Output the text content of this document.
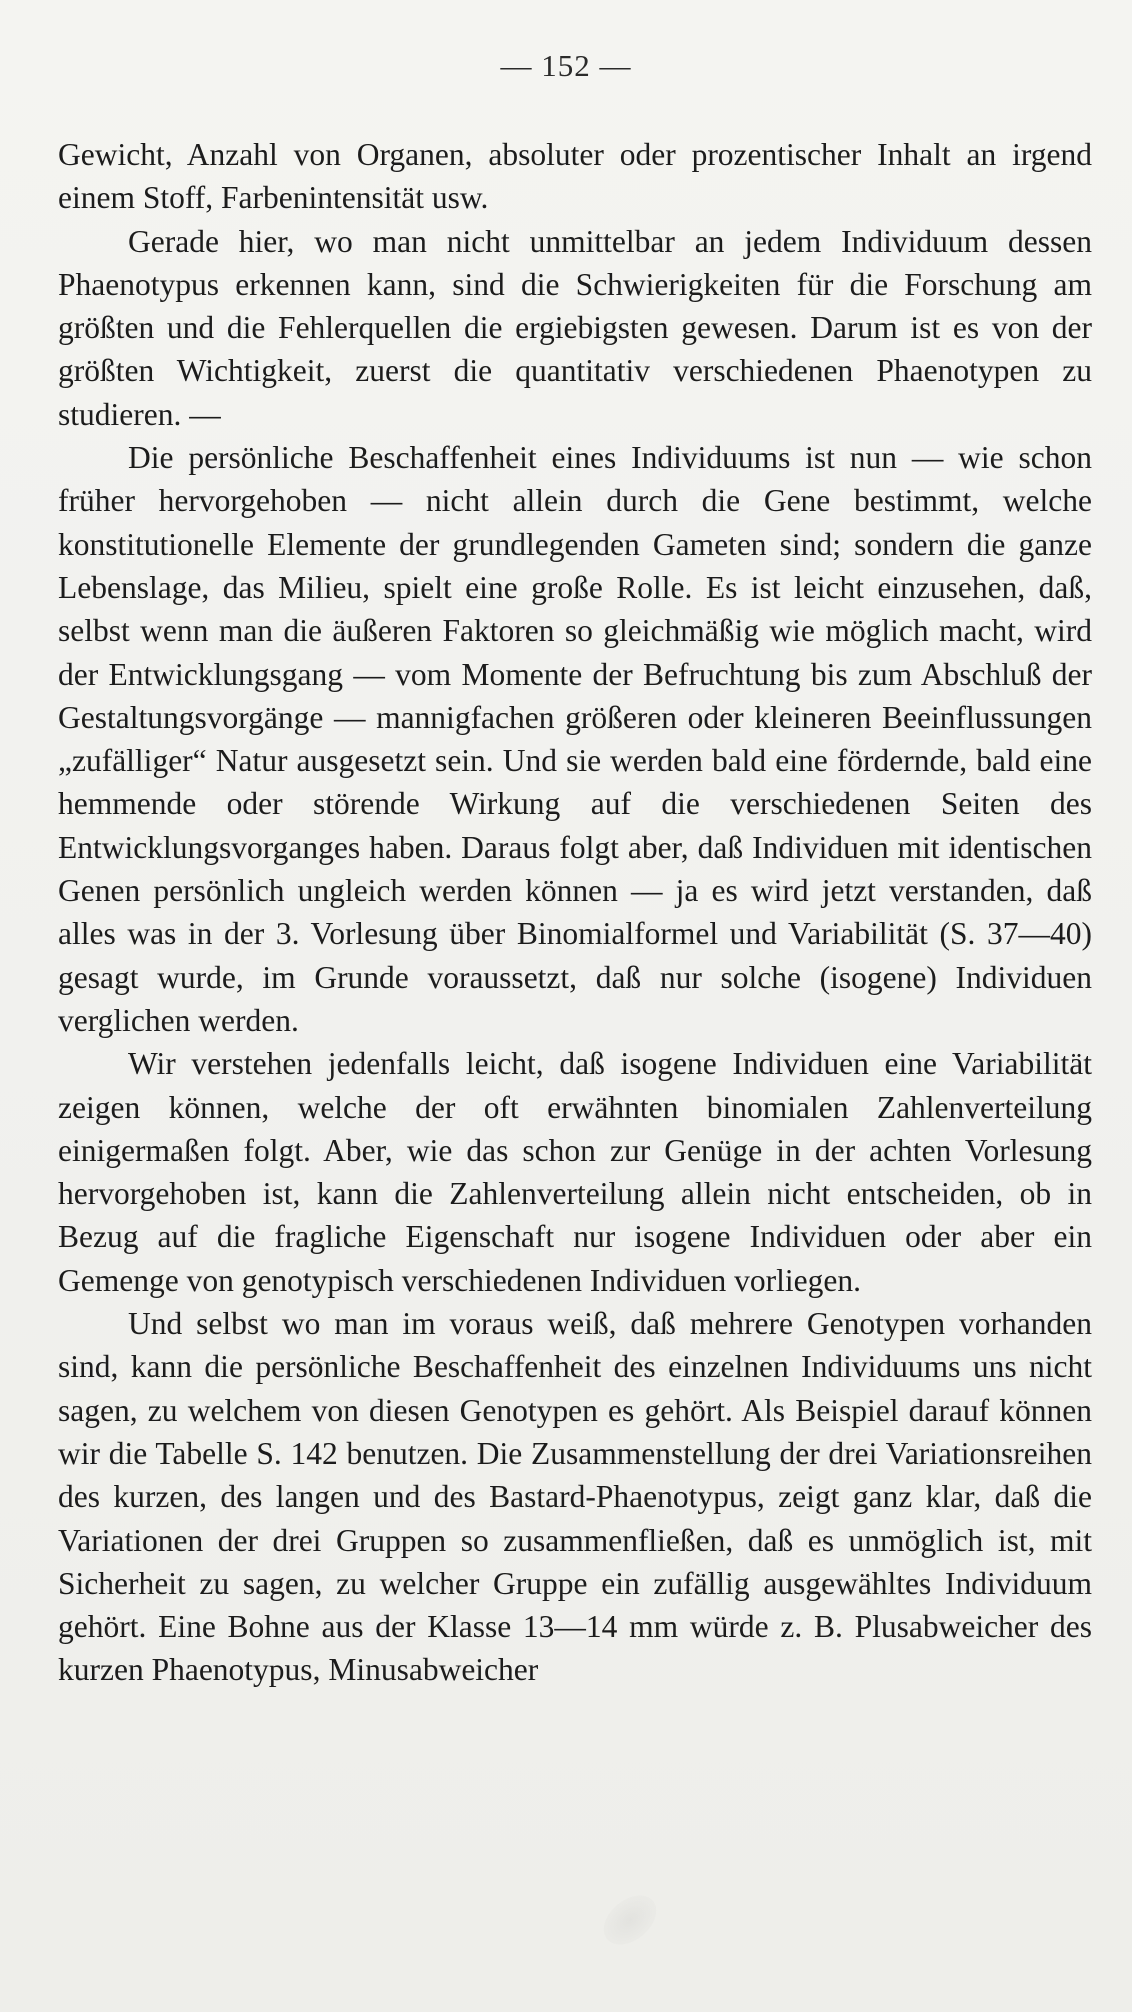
— 152 —

Gewicht, Anzahl von Organen, absoluter oder prozentischer Inhalt an irgend einem Stoff, Farbenintensität usw.

Gerade hier, wo man nicht unmittelbar an jedem Individuum dessen Phaenotypus erkennen kann, sind die Schwierigkeiten für die Forschung am größten und die Fehlerquellen die ergiebigsten gewesen. Darum ist es von der größten Wichtigkeit, zuerst die quantitativ verschiedenen Phaenotypen zu studieren. —

Die persönliche Beschaffenheit eines Individuums ist nun — wie schon früher hervorgehoben — nicht allein durch die Gene bestimmt, welche konstitutionelle Elemente der grundlegenden Gameten sind; sondern die ganze Lebenslage, das Milieu, spielt eine große Rolle. Es ist leicht einzusehen, daß, selbst wenn man die äußeren Faktoren so gleichmäßig wie möglich macht, wird der Entwicklungsgang — vom Momente der Befruchtung bis zum Abschluß der Gestaltungsvorgänge — mannigfachen größeren oder kleineren Beeinflussungen „zufälliger“ Natur ausgesetzt sein. Und sie werden bald eine fördernde, bald eine hemmende oder störende Wirkung auf die verschiedenen Seiten des Entwicklungsvorganges haben. Daraus folgt aber, daß Individuen mit identischen Genen persönlich ungleich werden können — ja es wird jetzt verstanden, daß alles was in der 3. Vorlesung über Binomialformel und Variabilität (S. 37—40) gesagt wurde, im Grunde voraussetzt, daß nur solche (isogene) Individuen verglichen werden.

Wir verstehen jedenfalls leicht, daß isogene Individuen eine Variabilität zeigen können, welche der oft erwähnten binomialen Zahlenverteilung einigermaßen folgt. Aber, wie das schon zur Genüge in der achten Vorlesung hervorgehoben ist, kann die Zahlenverteilung allein nicht entscheiden, ob in Bezug auf die fragliche Eigenschaft nur isogene Individuen oder aber ein Gemenge von genotypisch verschiedenen Individuen vorliegen.

Und selbst wo man im voraus weiß, daß mehrere Genotypen vorhanden sind, kann die persönliche Beschaffenheit des einzelnen Individuums uns nicht sagen, zu welchem von diesen Genotypen es gehört. Als Beispiel darauf können wir die Tabelle S. 142 benutzen. Die Zusammenstellung der drei Variationsreihen des kurzen, des langen und des Bastard-Phaenotypus, zeigt ganz klar, daß die Variationen der drei Gruppen so zusammenfließen, daß es unmöglich ist, mit Sicherheit zu sagen, zu welcher Gruppe ein zufällig ausgewähltes Individuum gehört. Eine Bohne aus der Klasse 13—14 mm würde z. B. Plusabweicher des kurzen Phaenotypus, Minusabweicher
